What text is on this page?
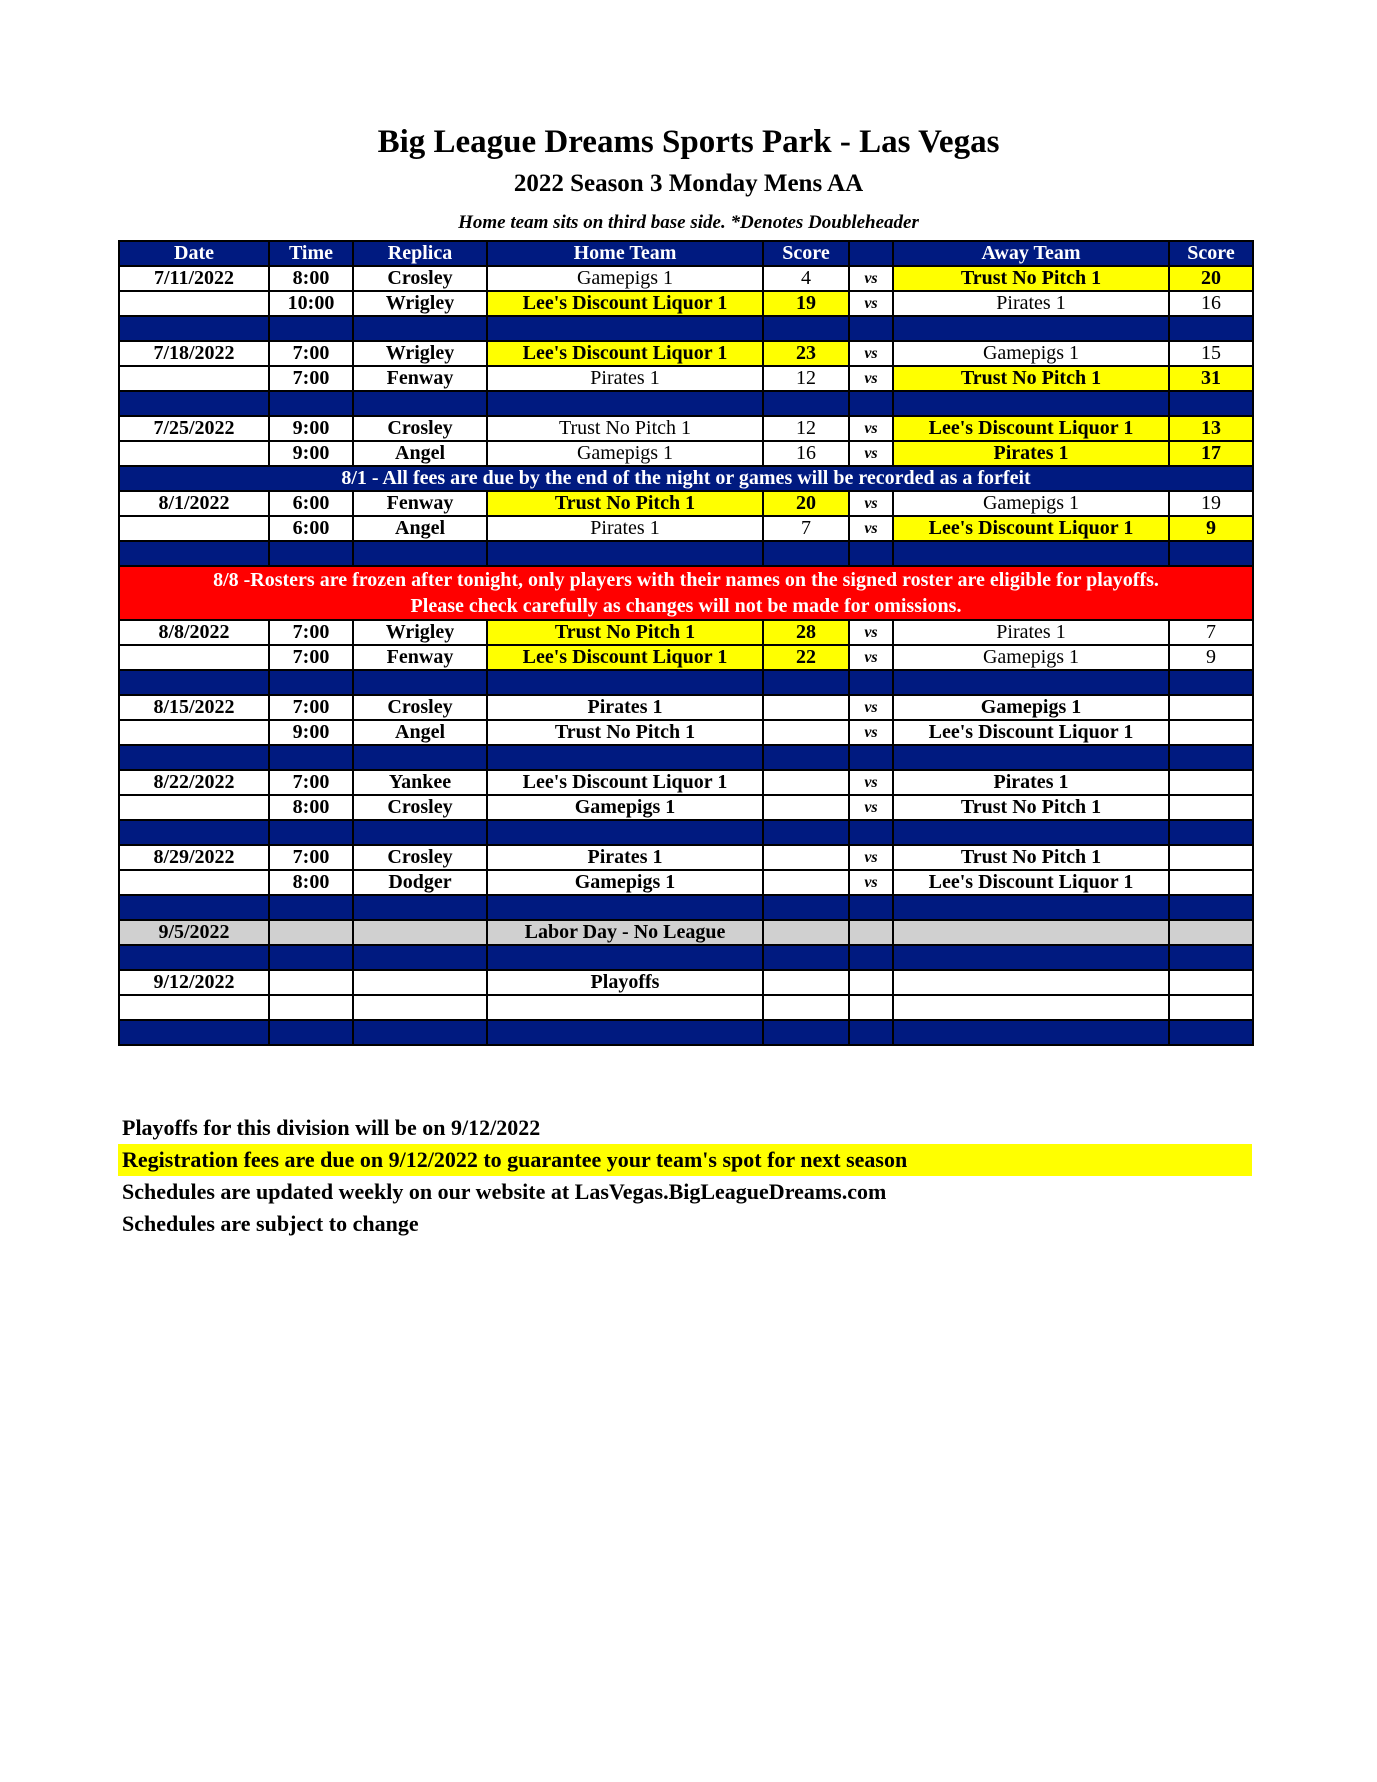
Big League Dreams Sports Park - Las Vegas
2022 Season 3 Monday Mens AA
Home team sits on third base side. *Denotes Doubleheader
Date	Time	Replica	Home Team	Score		Away Team	Score
7/11/2022	8:00	Crosley	Gamepigs 1	4	vs	Trust No Pitch 1	20
	10:00	Wrigley	Lee's Discount Liquor 1	19	vs	Pirates 1	16

7/18/2022	7:00	Wrigley	Lee's Discount Liquor 1	23	vs	Gamepigs 1	15
	7:00	Fenway	Pirates 1	12	vs	Trust No Pitch 1	31

7/25/2022	9:00	Crosley	Trust No Pitch 1	12	vs	Lee's Discount Liquor 1	13
	9:00	Angel	Gamepigs 1	16	vs	Pirates 1	17
8/1 - All fees are due by the end of the night or games will be recorded as a forfeit							
8/1/2022	6:00	Fenway	Trust No Pitch 1	20	vs	Gamepigs 1	19
	6:00	Angel	Pirates 1	7	vs	Lee's Discount Liquor 1	9

8/8 -Rosters are frozen after tonight, only players with their names on the signed roster are eligible for playoffs.
Please check carefully as changes will not be made for omissions.							

8/8/2022	7:00	Wrigley	Trust No Pitch 1	28	vs	Pirates 1	7
	7:00	Fenway	Lee's Discount Liquor 1	22	vs	Gamepigs 1	9

8/15/2022	7:00	Crosley	Pirates 1		vs	Gamepigs 1	
	9:00	Angel	Trust No Pitch 1		vs	Lee's Discount Liquor 1	

8/22/2022	7:00	Yankee	Lee's Discount Liquor 1		vs	Pirates 1	
	8:00	Crosley	Gamepigs 1		vs	Trust No Pitch 1	

8/29/2022	7:00	Crosley	Pirates 1		vs	Trust No Pitch 1	
	8:00	Dodger	Gamepigs 1		vs	Lee's Discount Liquor 1	

9/5/2022			Labor Day - No League				

9/12/2022			Playoffs				

Playoffs for this division will be on 9/12/2022
Registration fees are due on 9/12/2022 to guarantee your team's spot for next season
Schedules are updated weekly on our website at LasVegas.BigLeagueDreams.com
Schedules are subject to change
